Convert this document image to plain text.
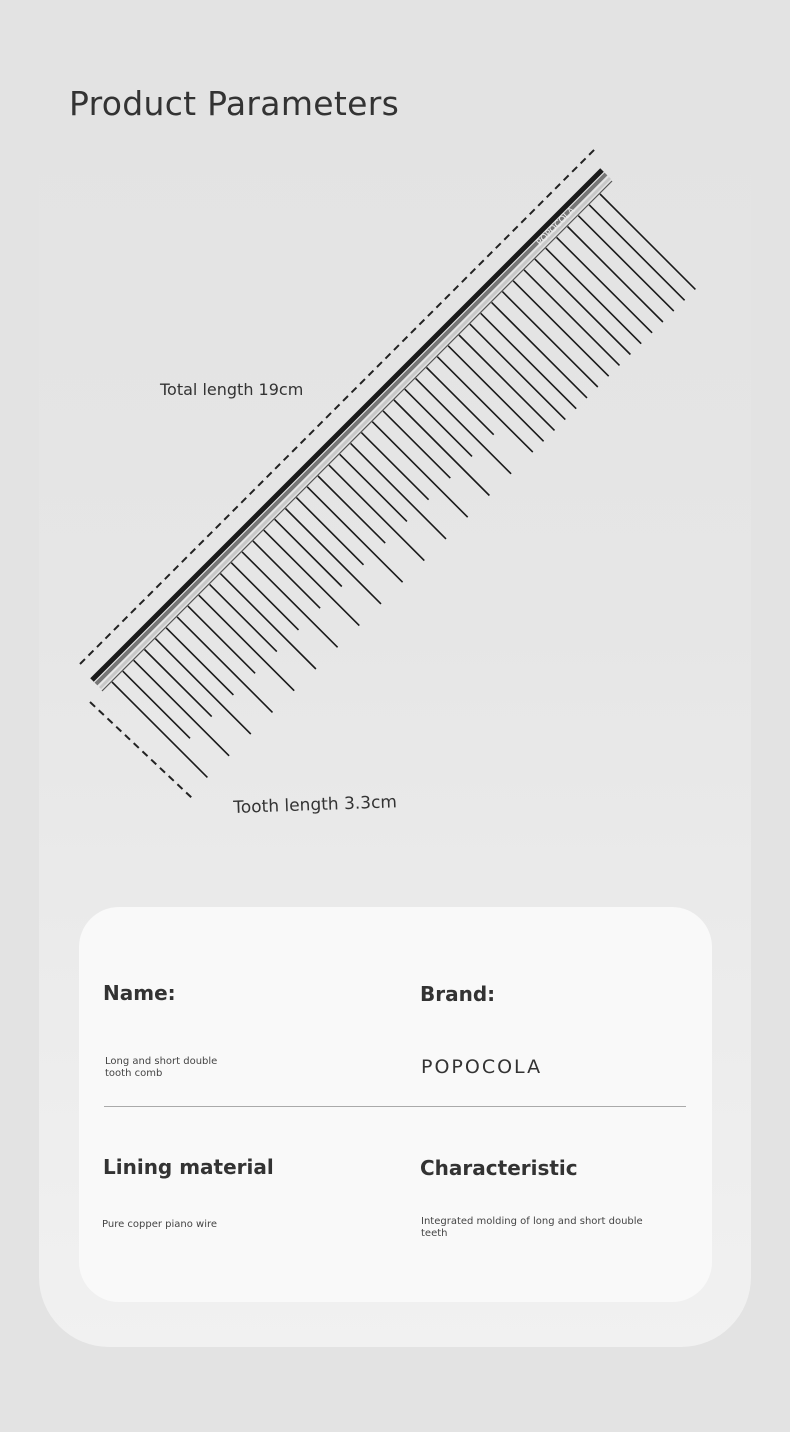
Product Parameters
POPOCOLA
Total length 19cm
Tooth length 3.3cm
Name:
Long and short double
tooth comb
Brand:
POPOCOLA
Lining material
Pure copper piano wire
Characteristic
Integrated molding of long and short double
teeth
